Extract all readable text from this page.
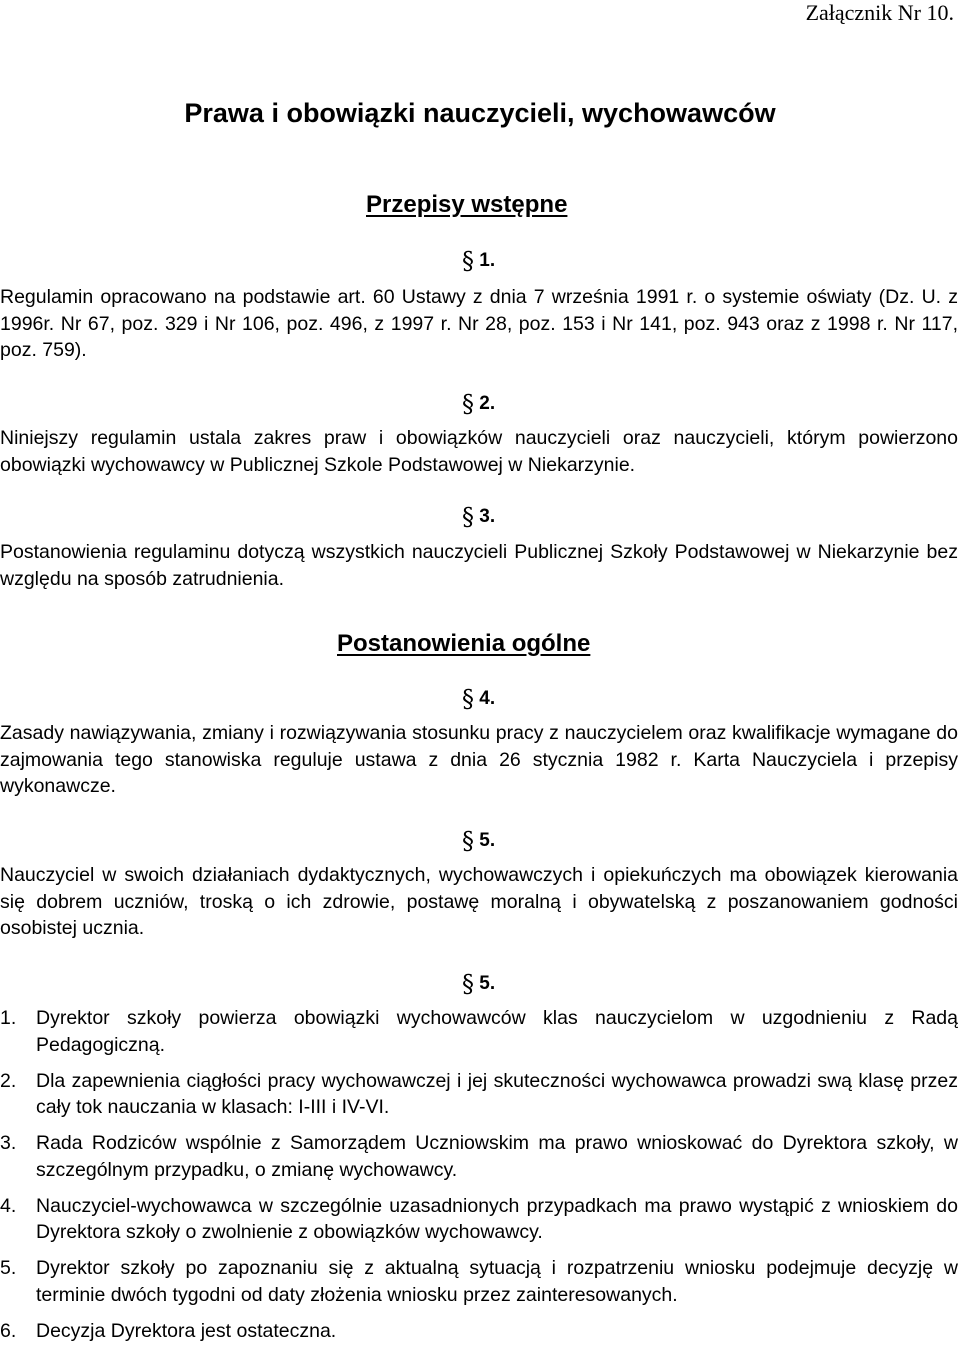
Załącznik Nr 10.
Prawa i obowiązki nauczycieli, wychowawców
Przepisy wstępne
§ 1.
Regulamin opracowano na podstawie art. 60 Ustawy z dnia 7 września 1991 r. o systemie oświaty (Dz. U. z 1996r. Nr 67, poz. 329 i Nr 106, poz. 496, z 1997 r. Nr 28, poz. 153 i Nr 141, poz. 943 oraz z 1998 r. Nr 117, poz. 759).
§ 2.
Niniejszy regulamin ustala zakres praw i obowiązków nauczycieli oraz nauczycieli, którym powierzono obowiązki wychowawcy w Publicznej Szkole Podstawowej w Niekarzynie.
§ 3.
Postanowienia regulaminu dotyczą wszystkich nauczycieli Publicznej Szkoły Podstawowej w Niekarzynie bez względu na sposób zatrudnienia.
Postanowienia ogólne
§ 4.
Zasady nawiązywania, zmiany i rozwiązywania stosunku pracy z nauczycielem oraz kwalifikacje wymagane do zajmowania tego stanowiska reguluje ustawa z dnia 26 stycznia 1982 r. Karta Nauczyciela i przepisy wykonawcze.
§ 5.
Nauczyciel w swoich działaniach dydaktycznych, wychowawczych i opiekuńczych ma obowiązek kierowania się dobrem uczniów, troską o ich zdrowie, postawę moralną i obywatelską z poszanowaniem godności osobistej ucznia.
§ 5.
1.	Dyrektor szkoły powierza obowiązki wychowawców klas nauczycielom w uzgodnieniu z Radą Pedagogiczną.
2.	Dla zapewnienia ciągłości pracy wychowawczej i jej skuteczności wychowawca prowadzi swą klasę przez cały tok nauczania w klasach: I-III i IV-VI.
3.	Rada Rodziców wspólnie z Samorządem Uczniowskim ma prawo wnioskować do Dyrektora szkoły, w szczególnym przypadku, o zmianę wychowawcy.
4.	Nauczyciel-wychowawca w szczególnie uzasadnionych przypadkach ma prawo wystąpić z wnioskiem do Dyrektora szkoły o zwolnienie z obowiązków wychowawcy.
5.	Dyrektor szkoły po zapoznaniu się z aktualną sytuacją i rozpatrzeniu wniosku podejmuje decyzję w terminie dwóch tygodni od daty złożenia wniosku przez zainteresowanych.
6.	Decyzja Dyrektora jest ostateczna.
